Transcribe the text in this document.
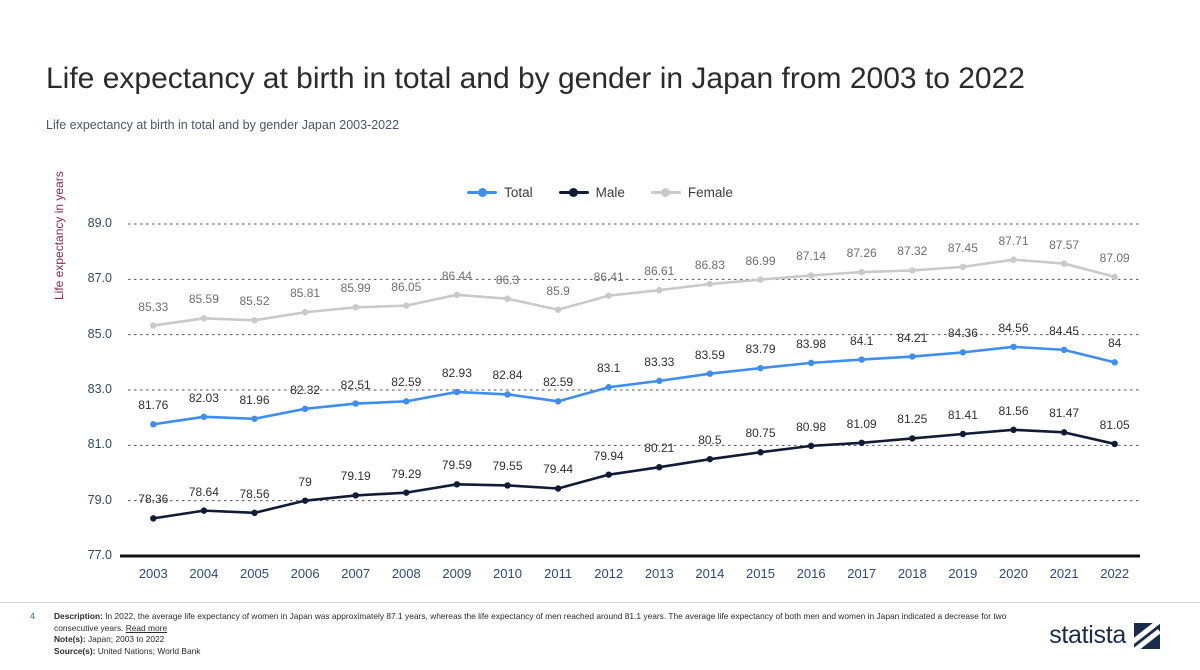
Life expectancy at birth in total and by gender in Japan from 2003 to 2022
Life expectancy at birth in total and by gender Japan 2003-2022
Total	Male	Female
Life expectancy in years
77.0
79.0
81.0
83.0
85.0
87.0
89.0
2003	2004	2005	2006	2007	2008	2009	2010	2011	2012	2013	2014	2015	2016	2017	2018	2019	2020	2021	2022
81.76
82.03	81.96
82.32	82.51	82.59
82.93	82.84	82.59
83.1	83.33
83.59	83.79	83.98	84.1	84.21	84.36	84.56	84.45
84
78.36
78.64	78.56
79	79.19	79.29
79.59	79.55	79.44
79.94
80.21
80.5	80.75	80.98	81.09	81.25	81.41	81.56	81.47
81.05
85.33
85.59	85.52
85.81	85.99	86.05
86.44	86.3
85.9
86.41	86.61	86.83	86.99	87.14	87.26	87.32	87.45
87.71	87.57
87.09
4 Description: In 2022, the average life expectancy of women in Japan was approximately 87.1 years, whereas the life expectancy of men reached around 81.1 years. The average life expectancy of both men and women in Japan indicated a decrease for two consecutive years. Read more
Note(s): Japan; 2003 to 2022
Source(s): United Nations; World Bank
statista
